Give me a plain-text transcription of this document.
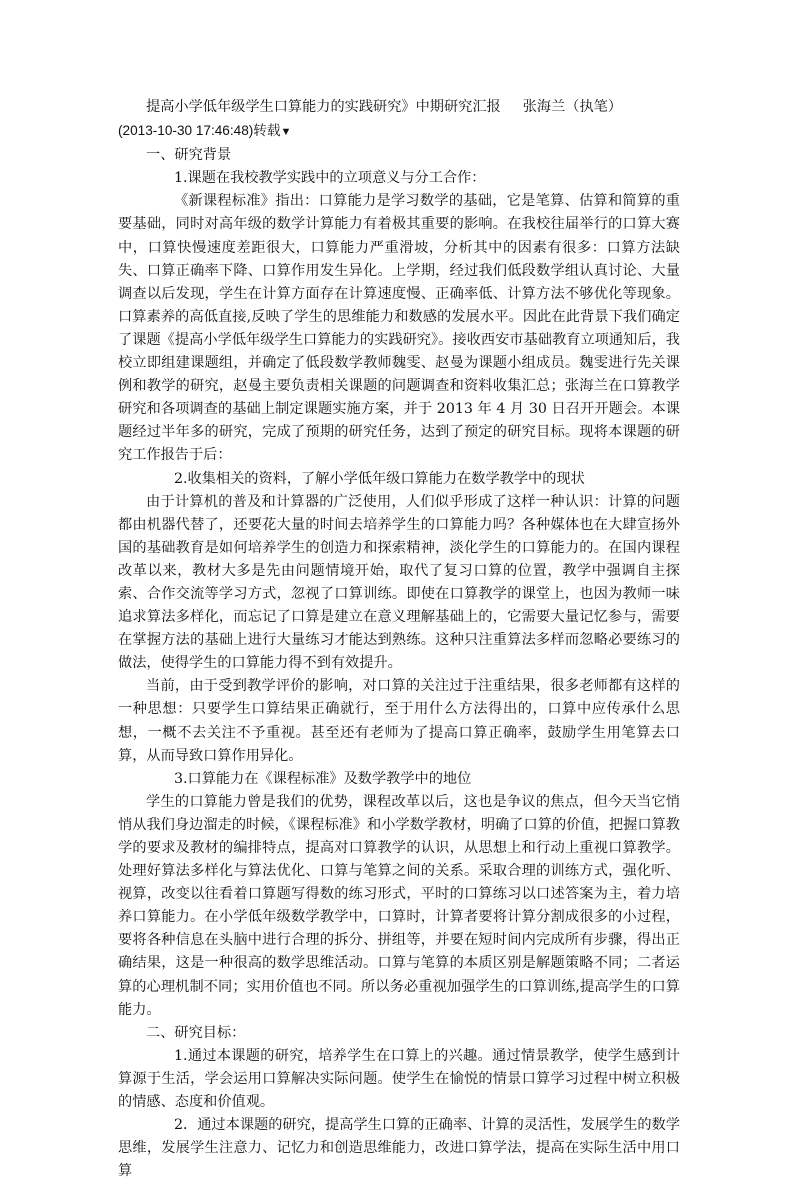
提高小学低年级学生口算能力的实践研究》中期研究汇报 张海兰（执笔）

(2013-10-30 17:46:48)转载▼

一、研究背景

1.课题在我校教学实践中的立项意义与分工合作：

《新课程标准》指出：口算能力是学习数学的基础，它是笔算、估算和简算的重要基础，同时对高年级的数学计算能力有着极其重要的影响。在我校往届举行的口算大赛中，口算快慢速度差距很大，口算能力严重滑坡，分析其中的因素有很多：口算方法缺失、口算正确率下降、口算作用发生异化。上学期，经过我们低段数学组认真讨论、大量调查以后发现，学生在计算方面存在计算速度慢、正确率低、计算方法不够优化等现象。口算素养的高低直接,反映了学生的思维能力和数感的发展水平。因此在此背景下我们确定了课题《提高小学低年级学生口算能力的实践研究》。接收西安市基础教育立项通知后，我校立即组建课题组，并确定了低段数学教师魏雯、赵曼为课题小组成员。魏雯进行先关课例和教学的研究，赵曼主要负责相关课题的问题调查和资料收集汇总；张海兰在口算教学研究和各项调查的基础上制定课题实施方案，并于 2013 年 4 月 30 日召开开题会。本课题经过半年多的研究，完成了预期的研究任务，达到了预定的研究目标。现将本课题的研究工作报告于后：

2.收集相关的资料，了解小学低年级口算能力在数学教学中的现状

由于计算机的普及和计算器的广泛使用，人们似乎形成了这样一种认识：计算的问题都由机器代替了，还要花大量的时间去培养学生的口算能力吗？各种媒体也在大肆宣扬外国的基础教育是如何培养学生的创造力和探索精神，淡化学生的口算能力的。在国内课程改革以来，教材大多是先由问题情境开始，取代了复习口算的位置，教学中强调自主探索、合作交流等学习方式，忽视了口算训练。即使在口算教学的课堂上，也因为教师一味追求算法多样化，而忘记了口算是建立在意义理解基础上的，它需要大量记忆参与，需要在掌握方法的基础上进行大量练习才能达到熟练。这种只注重算法多样而忽略必要练习的做法，使得学生的口算能力得不到有效提升。

当前，由于受到教学评价的影响，对口算的关注过于注重结果，很多老师都有这样的一种思想：只要学生口算结果正确就行，至于用什么方法得出的，口算中应传承什么思想，一概不去关注不予重视。甚至还有老师为了提高口算正确率，鼓励学生用笔算去口算，从而导致口算作用异化。

3.口算能力在《课程标准》及数学教学中的地位

学生的口算能力曾是我们的优势，课程改革以后，这也是争议的焦点，但今天当它悄悄从我们身边溜走的时候，《课程标准》和小学数学教材，明确了口算的价值，把握口算教学的要求及教材的编排特点，提高对口算教学的认识，从思想上和行动上重视口算教学。处理好算法多样化与算法优化、口算与笔算之间的关系。采取合理的训练方式，强化听、视算，改变以往看着口算题写得数的练习形式，平时的口算练习以口述答案为主，着力培养口算能力。在小学低年级数学教学中，口算时，计算者要将计算分割成很多的小过程，要将各种信息在头脑中进行合理的拆分、拼组等，并要在短时间内完成所有步骤，得出正确结果，这是一种很高的数学思维活动。口算与笔算的本质区别是解题策略不同；二者运算的心理机制不同；实用价值也不同。所以务必重视加强学生的口算训练,提高学生的口算能力。

二、研究目标：

1.通过本课题的研究，培养学生在口算上的兴趣。通过情景教学，使学生感到计算源于生活，学会运用口算解决实际问题。使学生在愉悦的情景口算学习过程中树立积极的情感、态度和价值观。

2．通过本课题的研究，提高学生口算的正确率、计算的灵活性，发展学生的数学思维，发展学生注意力、记忆力和创造思维能力，改进口算学法，提高在实际生活中用口算
